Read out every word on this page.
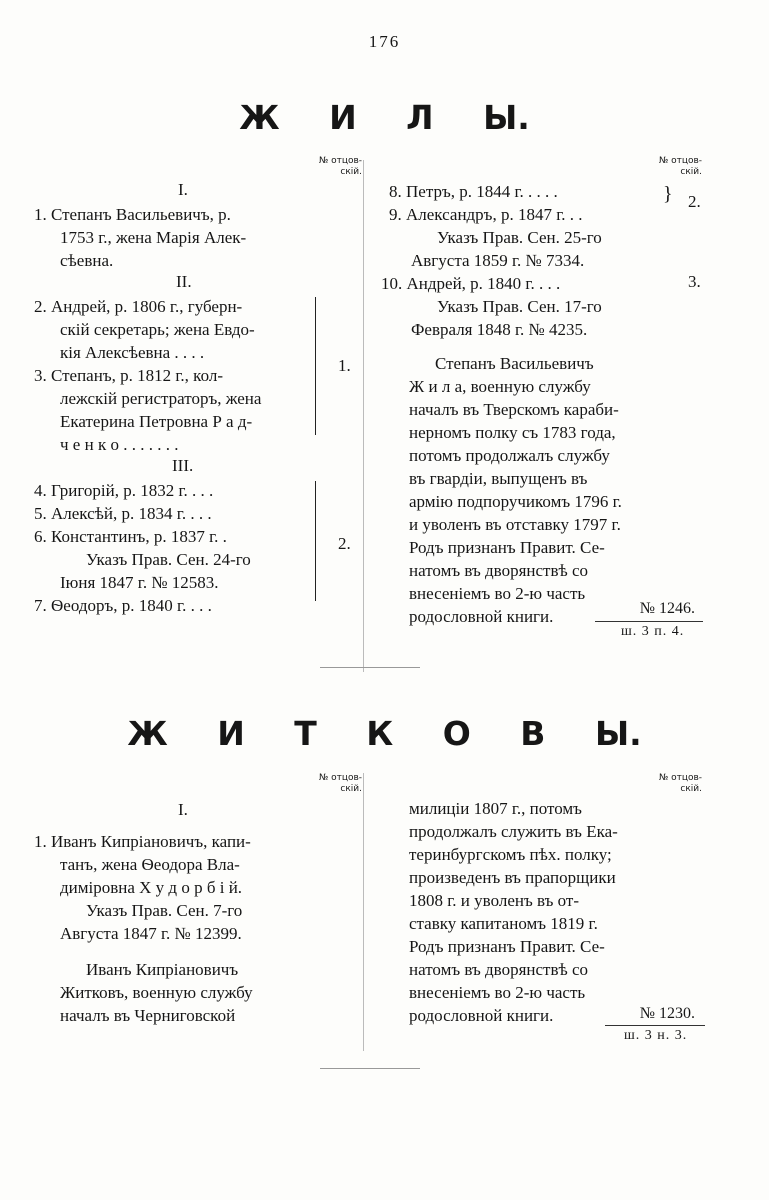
176
Ж И Л Ы.
№ отцов-
скій.
№ отцов-
скій.
I.
1. Степанъ Васильевичъ, р.
1753 г., жена Марія Алек-
сѣевна.
II.
2. Андрей, р. 1806 г., губерн-
скій секретарь; жена Евдо-
кія Алексѣевна . . . .
3. Степанъ, р. 1812 г., кол-
лежскій регистраторъ, жена
Екатерина Петровна Р а д-
ч е н к о . . . . . . .
1.
III.
4. Григорій, р. 1832 г. . . .
5. Алексѣй, р. 1834 г. . . .
6. Константинъ, р. 1837 г. .
Указъ Прав. Сен. 24-го
Іюня 1847 г. № 12583.
7. Ѳеодоръ, р. 1840 г. . . .
2.
8. Петръ, р. 1844 г. . . . .
9. Александръ, р. 1847 г. . .
} 2.
Указъ Прав. Сен. 25-го
Августа 1859 г. № 7334.
10. Андрей, р. 1840 г. . . .	3.
Указъ Прав. Сен. 17-го
Февраля 1848 г. № 4235.
Степанъ Васильевичъ
Ж и л а, военную службу
началъ въ Тверскомъ караби-
нерномъ полку съ 1783 года,
потомъ продолжалъ службу
въ гвардіи, выпущенъ въ
армію подпоручикомъ 1796 г.
и уволенъ въ отставку 1797 г.
Родъ признанъ Правит. Се-
натомъ въ дворянствѣ со
внесеніемъ во 2-ю часть
родословной книги.	№ 1246.
ш. 3 п. 4.
Ж И Т К О В Ы.
№ отцов-
скій.
№ отцов-
скій.
I.
1. Иванъ Кипріановичъ, капи-
танъ, жена Ѳеодора Вла-
димірoвна Х у д о р б і й.
Указъ Прав. Сен. 7-го
Августа 1847 г. № 12399.
Иванъ Кипріановичъ
Житковъ, военную службу
началъ въ Черниговской
милиціи 1807 г., потомъ
продолжалъ служить въ Ека-
теринбургскомъ пѣх. полку;
произведенъ въ прапорщики
1808 г. и уволенъ въ от-
ставку капитаномъ 1819 г.
Родъ признанъ Правит. Се-
натомъ въ дворянствѣ со
внесеніемъ во 2-ю часть
родословной книги.	№ 1230.
ш. 3 н. 3.
